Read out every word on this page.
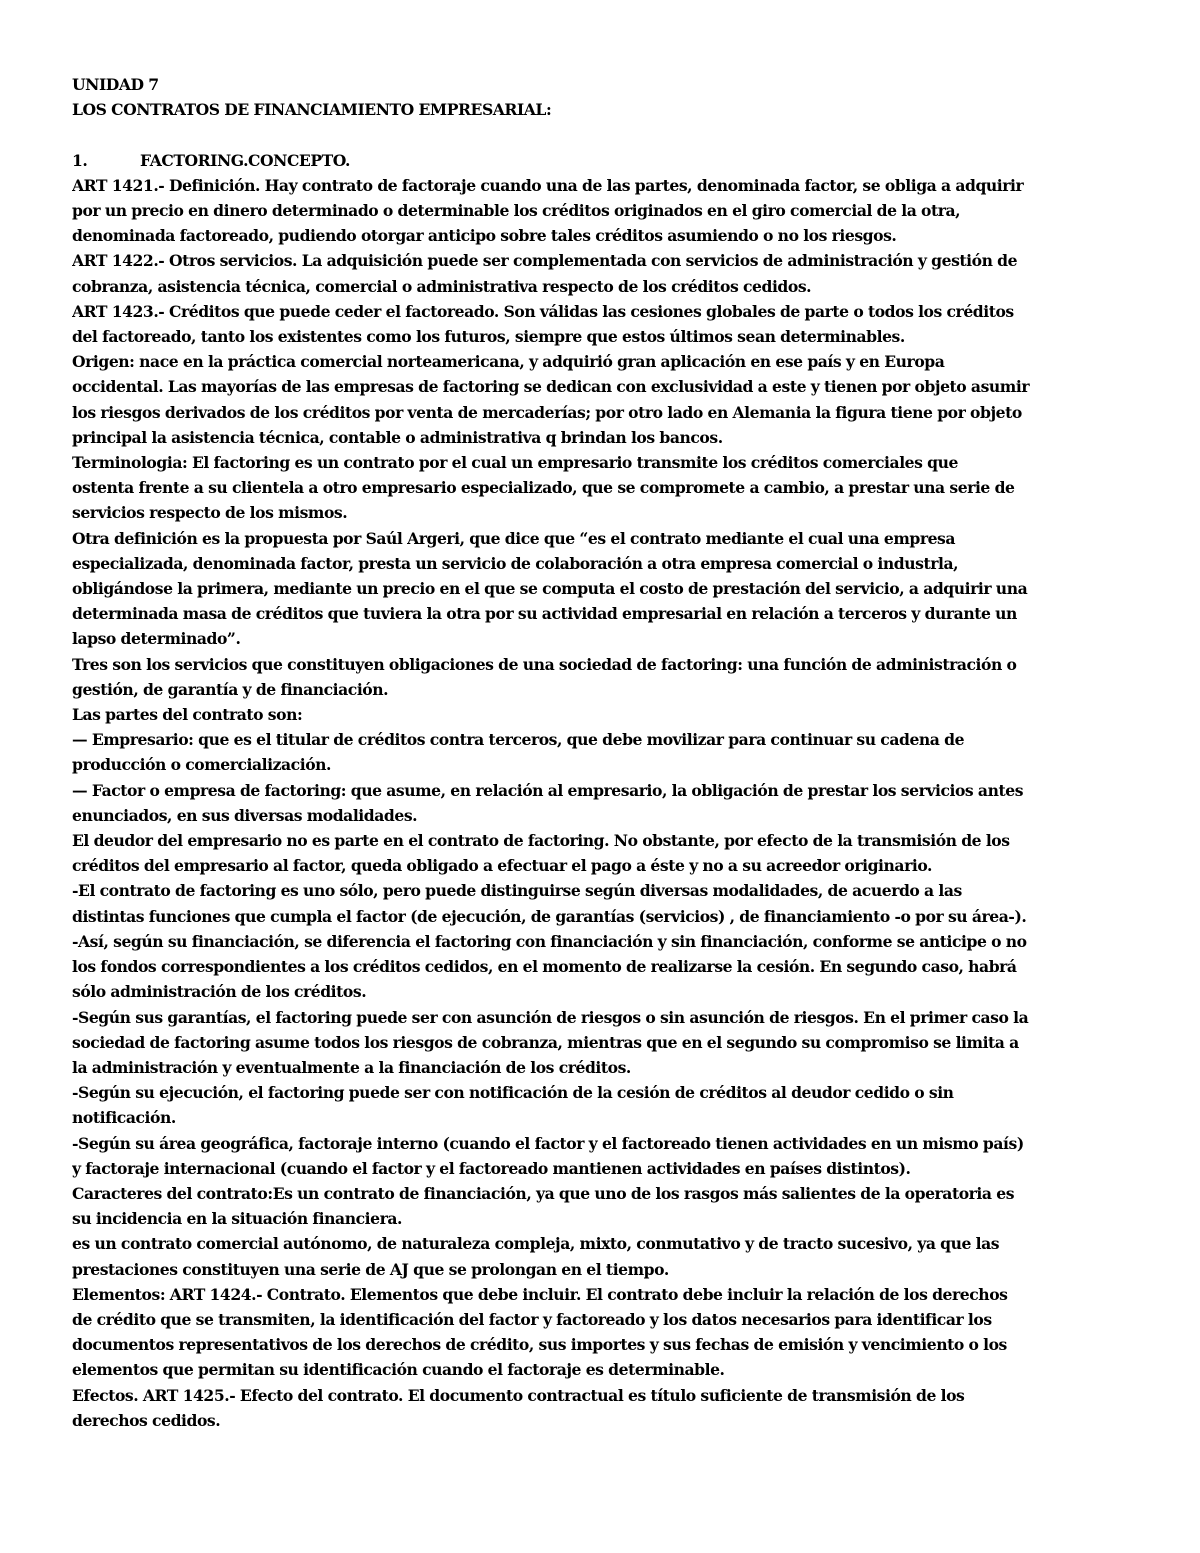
UNIDAD 7
LOS CONTRATOS DE FINANCIAMIENTO EMPRESARIAL:
1.	FACTORING.CONCEPTO.
ART 1421.- Definición. Hay contrato de factoraje cuando una de las partes, denominada factor, se obliga a adquirir
por un precio en dinero determinado o determinable los créditos originados en el giro comercial de la otra,
denominada factoreado, pudiendo otorgar anticipo sobre tales créditos asumiendo o no los riesgos.
ART 1422.- Otros servicios. La adquisición puede ser complementada con servicios de administración y gestión de
cobranza, asistencia técnica, comercial o administrativa respecto de los créditos cedidos.
ART 1423.- Créditos que puede ceder el factoreado. Son válidas las cesiones globales de parte o todos los créditos
del factoreado, tanto los existentes como los futuros, siempre que estos últimos sean determinables.
Origen: nace en la práctica comercial norteamericana, y adquirió gran aplicación en ese país y en Europa
occidental. Las mayorías de las empresas de factoring se dedican con exclusividad a este y tienen por objeto asumir
los riesgos derivados de los créditos por venta de mercaderías; por otro lado en Alemania la figura tiene por objeto
principal la asistencia técnica, contable o administrativa q brindan los bancos.
Terminologia: El factoring es un contrato por el cual un empresario transmite los créditos comerciales que
ostenta frente a su clientela a otro empresario especializado, que se compromete a cambio, a prestar una serie de
servicios respecto de los mismos.
Otra definición es la propuesta por Saúl Argeri, que dice que “es el contrato mediante el cual una empresa
especializada, denominada factor, presta un servicio de colaboración a otra empresa comercial o industrla,
obligándose la primera, mediante un precio en el que se computa el costo de prestación del servicio, a adquirir una
determinada masa de créditos que tuviera la otra por su actividad empresarial en relación a terceros y durante un
lapso determinado”.
Tres son los servicios que constituyen obligaciones de una sociedad de factoring: una función de administración o
gestión, de garantía y de financiación.
Las partes del contrato son:
— Empresario: que es el titular de créditos contra terceros, que debe movilizar para continuar su cadena de
producción o comercialización.
— Factor o empresa de factoring: que asume, en relación al empresario, la obligación de prestar los servicios antes
enunciados, en sus diversas modalidades.
El deudor del empresario no es parte en el contrato de factoring. No obstante, por efecto de la transmisión de los
créditos del empresario al factor, queda obligado a efectuar el pago a éste y no a su acreedor originario.
-El contrato de factoring es uno sólo, pero puede distinguirse según diversas modalidades, de acuerdo a las
distintas funciones que cumpla el factor (de ejecución, de garantías (servicios) , de financiamiento -o por su área-).
-Así, según su financiación, se diferencia el factoring con financiación y sin financiación, conforme se anticipe o no
los fondos correspondientes a los créditos cedidos, en el momento de realizarse la cesión. En segundo caso, habrá
sólo administración de los créditos.
-Según sus garantías, el factoring puede ser con asunción de riesgos o sin asunción de riesgos. En el primer caso la
sociedad de factoring asume todos los riesgos de cobranza, mientras que en el segundo su compromiso se limita a
la administración y eventualmente a la financiación de los créditos.
-Según su ejecución, el factoring puede ser con notificación de la cesión de créditos al deudor cedido o sin
notificación.
-Según su área geográfica, factoraje interno (cuando el factor y el factoreado tienen actividades en un mismo país)
y factoraje internacional (cuando el factor y el factoreado mantienen actividades en países distintos).
Caracteres del contrato:Es un contrato de financiación, ya que uno de los rasgos más salientes de la operatoria es
su incidencia en la situación financiera.
es un contrato comercial autónomo, de naturaleza compleja, mixto, conmutativo y de tracto sucesivo, ya que las
prestaciones constituyen una serie de AJ que se prolongan en el tiempo.
Elementos: ART 1424.- Contrato. Elementos que debe incluir. El contrato debe incluir la relación de los derechos
de crédito que se transmiten, la identificación del factor y factoreado y los datos necesarios para identificar los
documentos representativos de los derechos de crédito, sus importes y sus fechas de emisión y vencimiento o los
elementos que permitan su identificación cuando el factoraje es determinable.
Efectos. ART 1425.- Efecto del contrato. El documento contractual es título suficiente de transmisión de los
derechos cedidos.
